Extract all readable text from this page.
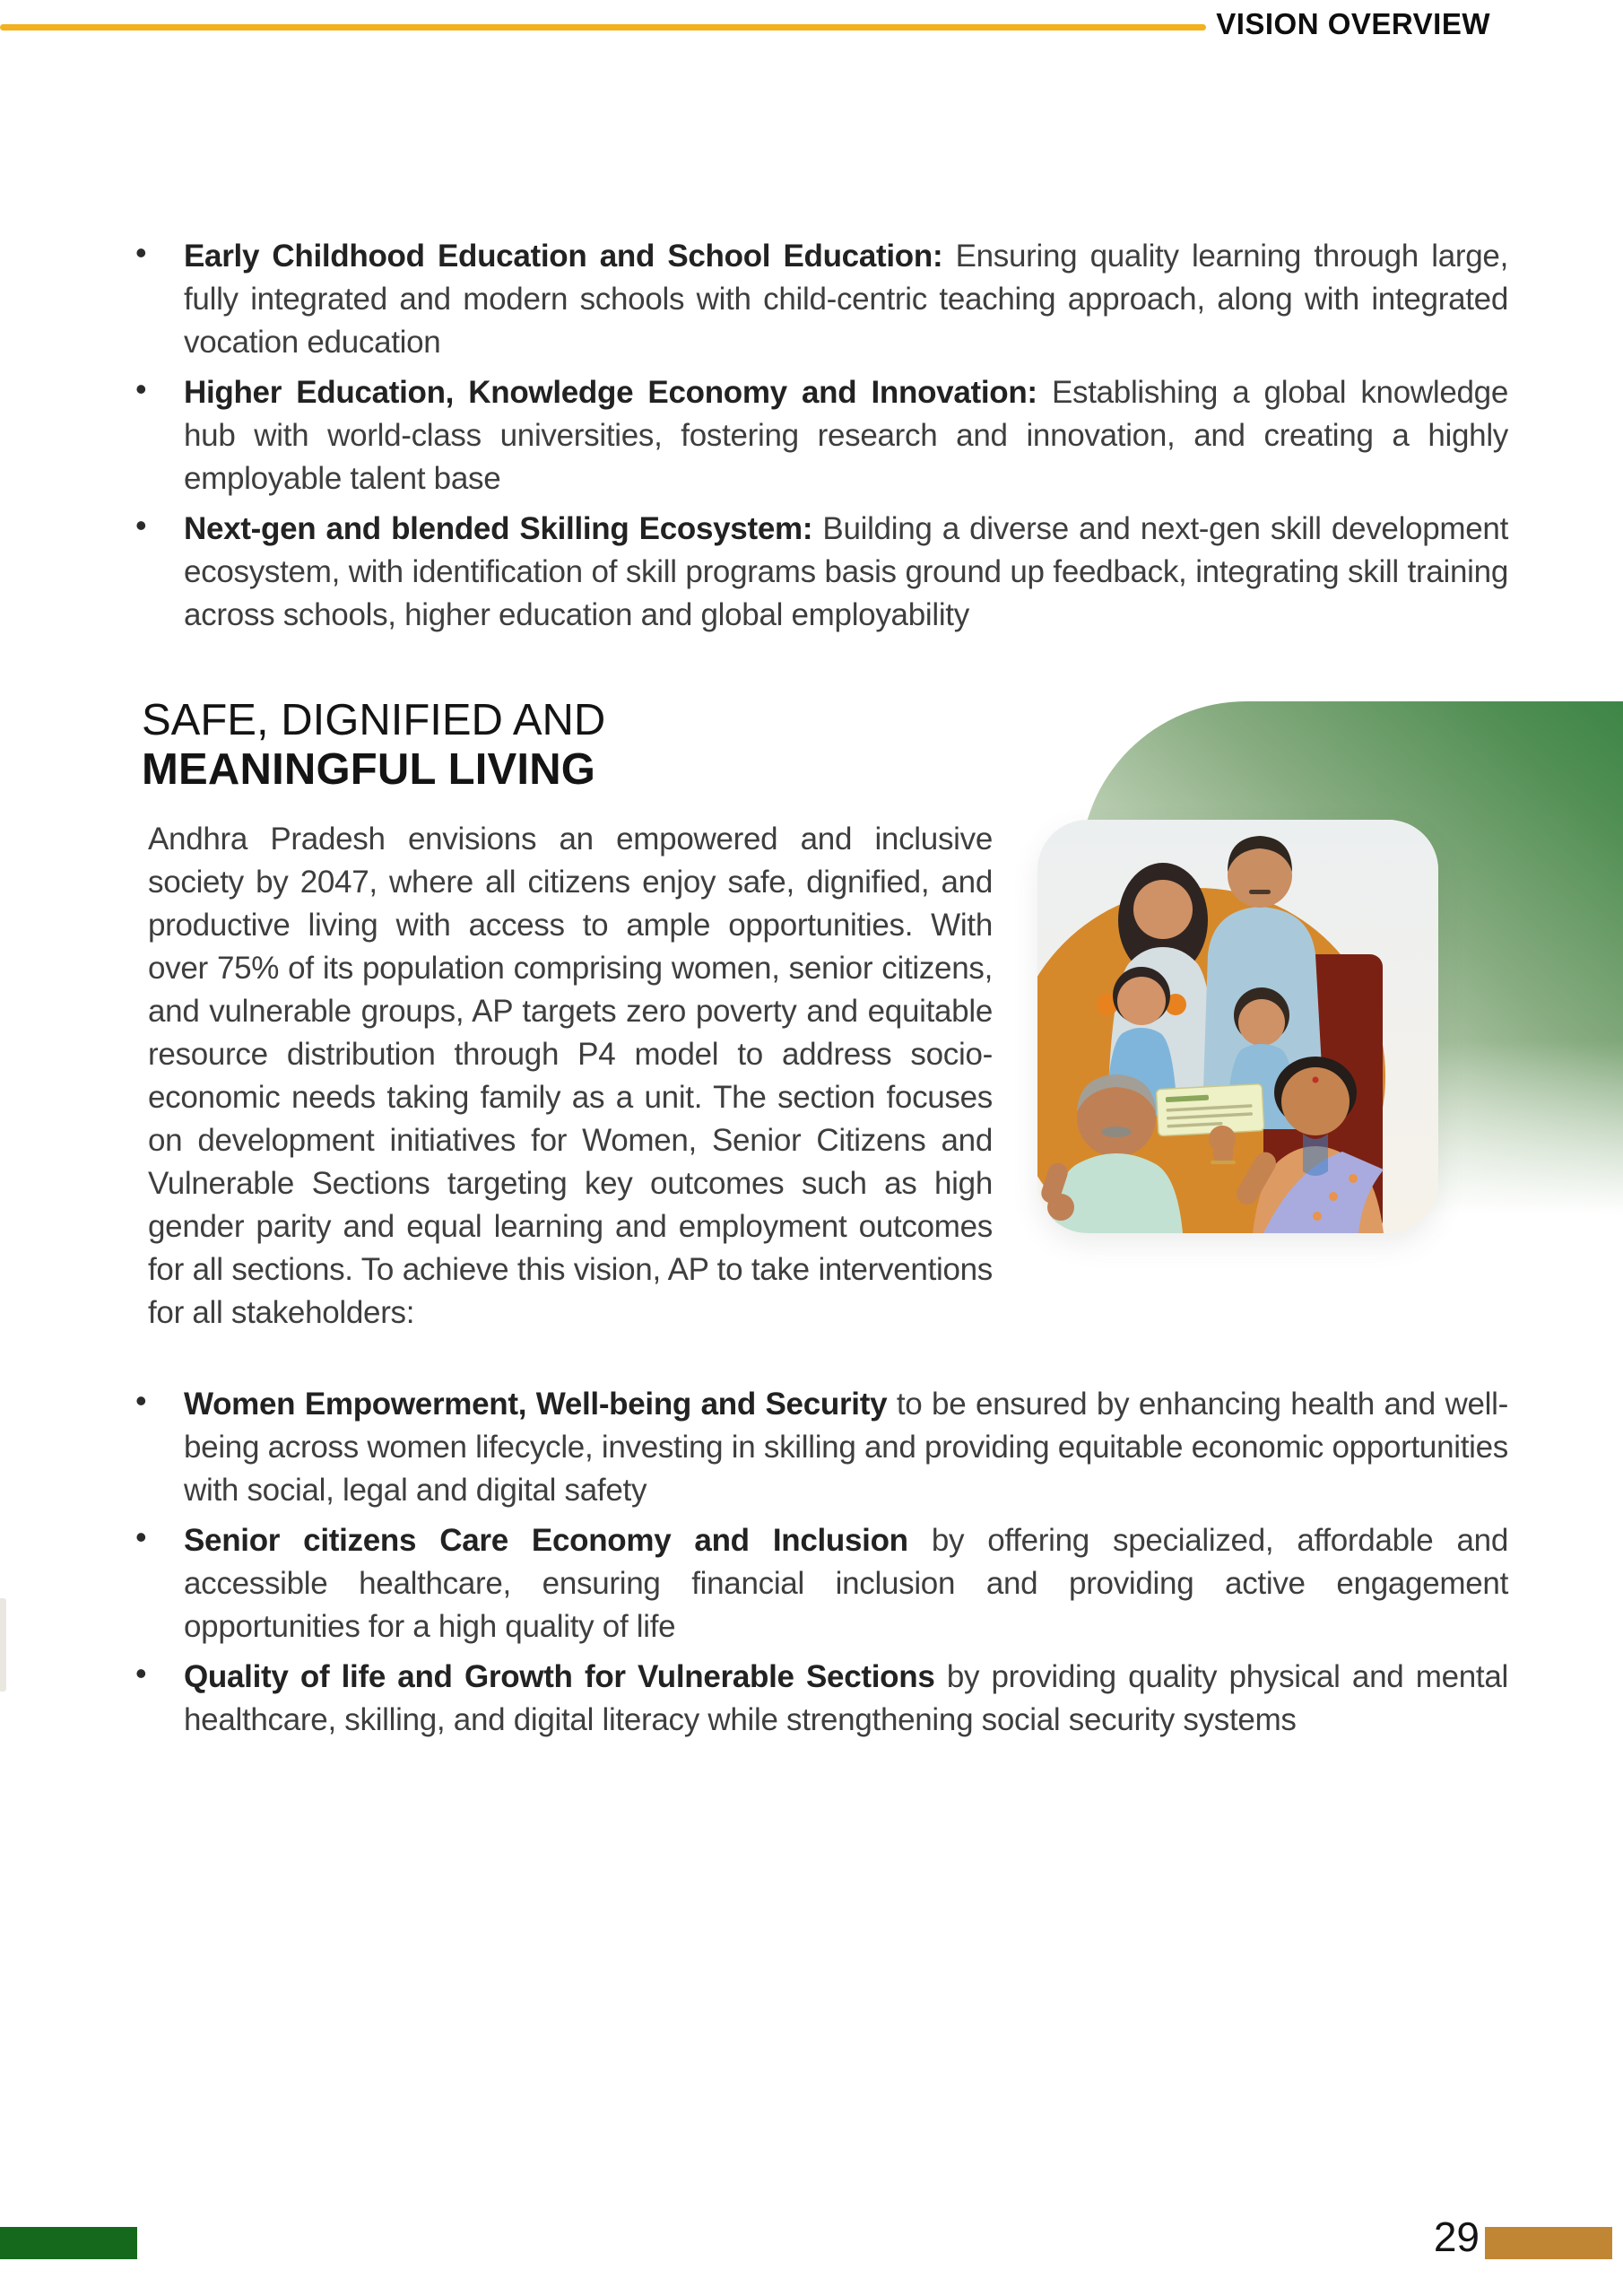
VISION OVERVIEW
• Early Childhood Education and School Education: Ensuring quality learning through large, fully integrated and modern schools with child-centric teaching approach, along with integrated vocation education
• Higher Education, Knowledge Economy and Innovation: Establishing a global knowledge hub with world-class universities, fostering research and innovation, and creating a highly employable talent base
• Next-gen and blended Skilling Ecosystem: Building a diverse and next-gen skill development ecosystem, with identification of skill programs basis ground up feedback, integrating skill training across schools, higher education and global employability
SAFE, DIGNIFIED AND
MEANINGFUL LIVING

Andhra Pradesh envisions an empowered and inclusive society by 2047, where all citizens enjoy safe, dignified, and productive living with access to ample opportunities. With over 75% of its population comprising women, senior citizens, and vulnerable groups, AP targets zero poverty and equitable resource distribution through P4 model to address socio-economic needs taking family as a unit. The section focuses on development initiatives for Women, Senior Citizens and Vulnerable Sections targeting key outcomes such as high gender parity and equal learning and employment outcomes for all sections. To achieve this vision, AP to take interventions for all stakeholders:

• Women Empowerment, Well-being and Security to be ensured by enhancing health and well-being across women lifecycle, investing in skilling and providing equitable economic opportunities with social, legal and digital safety
• Senior citizens Care Economy and Inclusion by offering specialized, affordable and accessible healthcare, ensuring financial inclusion and providing active engagement opportunities for a high quality of life
• Quality of life and Growth for Vulnerable Sections by providing quality physical and mental healthcare, skilling, and digital literacy while strengthening social security systems

29
